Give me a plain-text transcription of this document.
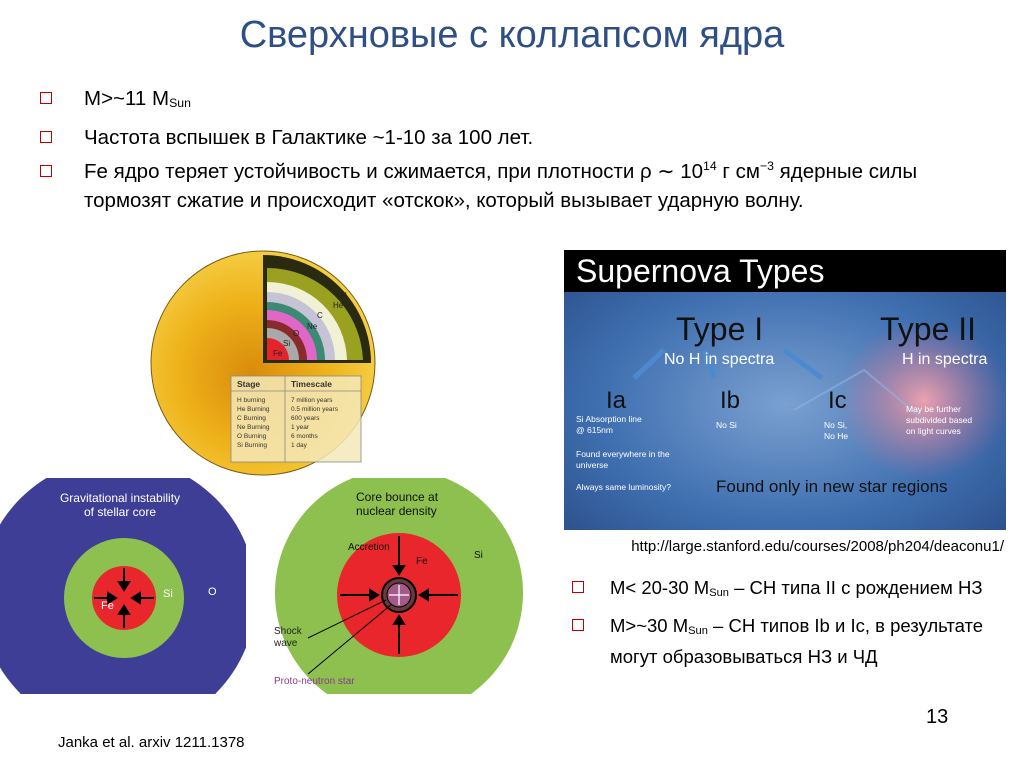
Сверхновые с коллапсом ядра
M>~11 $M_{Sun}$
Частота вспышек в Галактике ~1-10 за 100 лет.
Fe ядро теряет устойчивость и сжимается, при плотности ρ ∼ $10^{14}$ г $см^{-3}$ ядерные силы тормозят сжатие и происходит «отскок», который вызывает ударную волну.
H
He
C
Ne
O
Si
Fe
Stage	Timescale
H burning	7 million years
He Burning	0.5 million years
C Burning	600 years
Ne Burning	1 year
O Burning	6 months
Si Burning	1 day
Gravitational instability
of stellar core
Fe
Si	O
Core bounce at
nuclear density
Accretion
Fe
Si
Shock
wave
Proto-neutron star
Supernova Types
Type I	Type II
No H in spectra	H in spectra
Ia	Ib	Ic
Si Absorption line
@ 615nm
Found everywhere in the
universe
Always same luminosity?
No Si	No Si,
No He
May be further
subdivided based
on light curves
Found only in new star regions
http://large.stanford.edu/courses/2008/ph204/deaconu1/
M< 20-30 $M_{Sun}$ – СН типа II с рождением НЗ
M>~30 $M_{Sun}$ – СН типов Ib и Ic, в результате могут образовываться НЗ и ЧД
13
Janka et al. arxiv 1211.1378
